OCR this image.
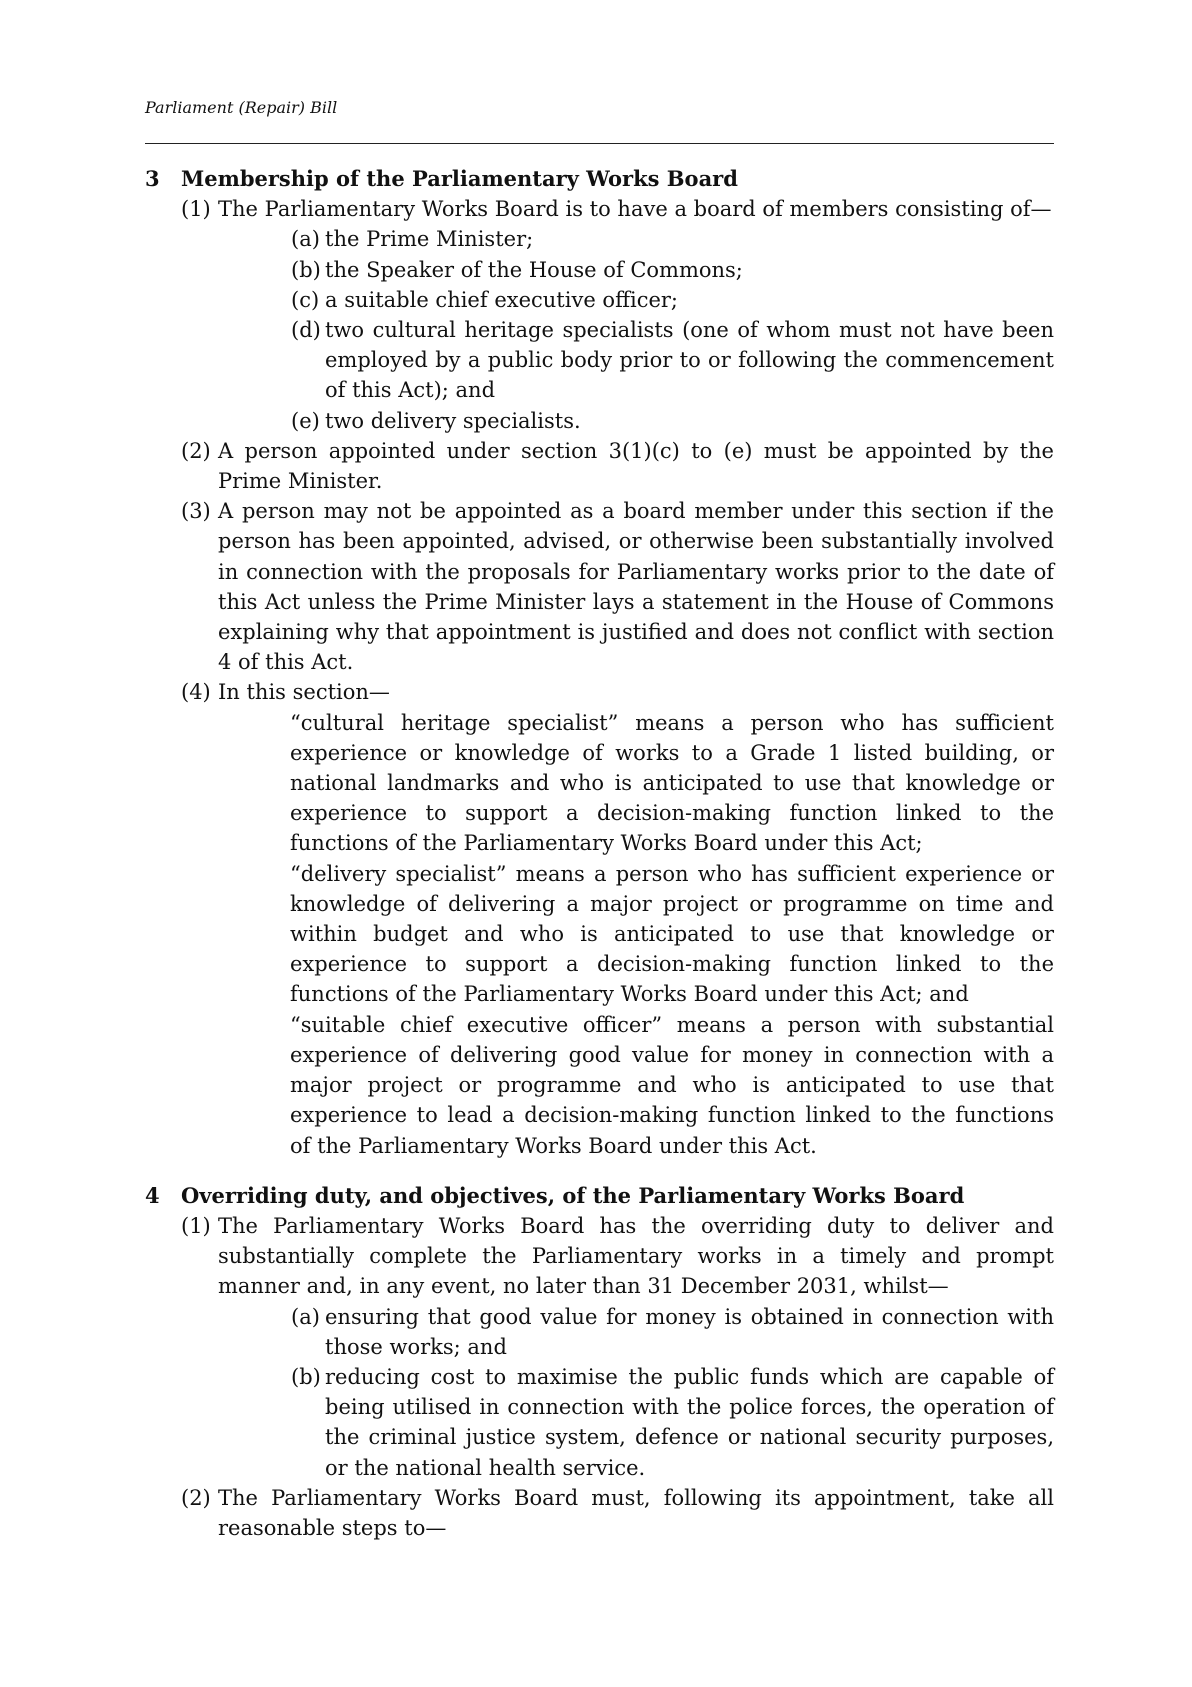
Parliament (Repair) Bill
3 Membership of the Parliamentary Works Board
(1) The Parliamentary Works Board is to have a board of members consisting of—
(a) the Prime Minister;
(b) the Speaker of the House of Commons;
(c) a suitable chief executive officer;
(d) two cultural heritage specialists (one of whom must not have been employed by a public body prior to or following the commencement of this Act); and
(e) two delivery specialists.
(2) A person appointed under section 3(1)(c) to (e) must be appointed by the Prime Minister.
(3) A person may not be appointed as a board member under this section if the person has been appointed, advised, or otherwise been substantially involved in connection with the proposals for Parliamentary works prior to the date of this Act unless the Prime Minister lays a statement in the House of Commons explaining why that appointment is justified and does not conflict with section 4 of this Act.
(4) In this section—
“cultural heritage specialist” means a person who has sufficient experience or knowledge of works to a Grade 1 listed building, or national landmarks and who is anticipated to use that knowledge or experience to support a decision-making function linked to the functions of the Parliamentary Works Board under this Act;
“delivery specialist” means a person who has sufficient experience or knowledge of delivering a major project or programme on time and within budget and who is anticipated to use that knowledge or experience to support a decision-making function linked to the functions of the Parliamentary Works Board under this Act; and
“suitable chief executive officer” means a person with substantial experience of delivering good value for money in connection with a major project or programme and who is anticipated to use that experience to lead a decision-making function linked to the functions of the Parliamentary Works Board under this Act.
4 Overriding duty, and objectives, of the Parliamentary Works Board
(1) The Parliamentary Works Board has the overriding duty to deliver and substantially complete the Parliamentary works in a timely and prompt manner and, in any event, no later than 31 December 2031, whilst—
(a) ensuring that good value for money is obtained in connection with those works; and
(b) reducing cost to maximise the public funds which are capable of being utilised in connection with the police forces, the operation of the criminal justice system, defence or national security purposes, or the national health service.
(2) The Parliamentary Works Board must, following its appointment, take all reasonable steps to—
